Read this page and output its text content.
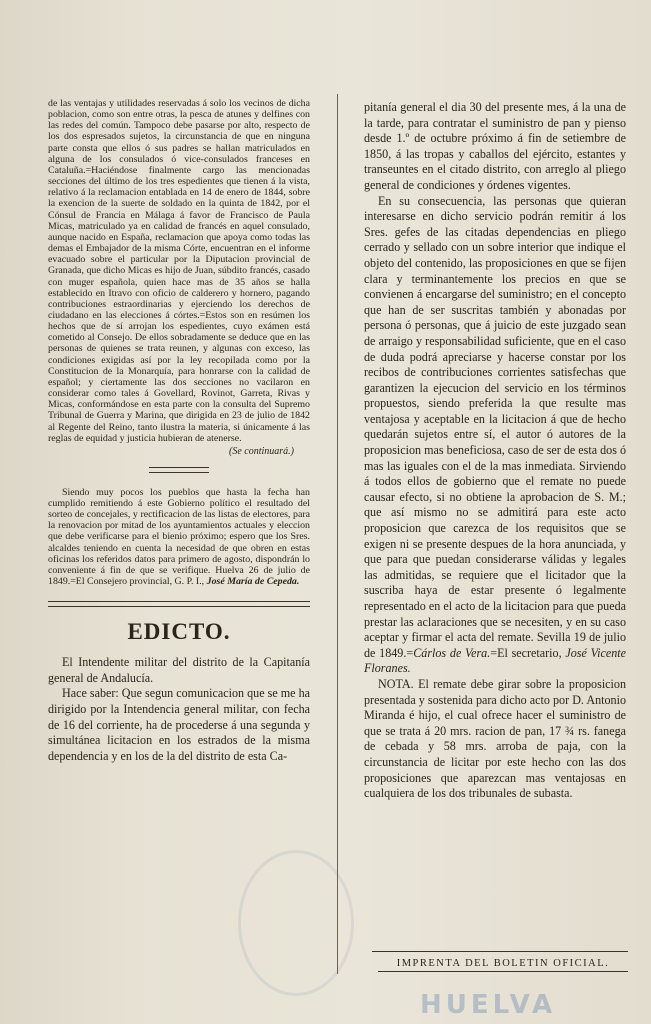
de las ventajas y utilidades reservadas á solo los vecinos de dicha poblacion, como son entre otras, la pesca de atunes y delfines con las redes del común. Tampoco debe pasarse por alto, respecto de los dos espresados sujetos, la circunstancia de que en ninguna parte consta que ellos ó sus padres se hallan matriculados en alguna de los consulados ó vice-consulados franceses en Cataluña.=Haciéndose finalmente cargo las mencionadas secciones del último de los tres espedientes que tienen á la vista, relativo á la reclamacion entablada en 14 de enero de 1844, sobre la exencion de la suerte de soldado en la quinta de 1842, por el Cónsul de Francia en Málaga á favor de Francisco de Paula Micas, matriculado ya en calidad de francés en aquel consulado, aunque nacido en España, reclamacion que apoya como todas las demas el Embajador de la misma Córte, encuentran en el informe evacuado sobre el particular por la Diputacion provincial de Granada, que dicho Micas es hijo de Juan, súbdito francés, casado con muger española, quien hace mas de 35 años se halla establecido en Itravo con oficio de calderero y hornero, pagando contribuciones estraordinarias y ejerciendo los derechos de ciudadano en las elecciones á córtes.=Estos son en resúmen los hechos que de sí arrojan los espedientes, cuyo exámen está cometido al Consejo. De ellos sobradamente se deduce que en las personas de quienes se trata reunen, y algunas con exceso, las condiciones exigidas así por la ley recopilada como por la Constitucion de la Monarquía, para honrarse con la calidad de español; y ciertamente las dos secciones no vacilaron en considerar como tales á Govellard, Rovinot, Garreta, Rivas y Micas, conformándose en esta parte con la consulta del Supremo Tribunal de Guerra y Marina, que dirigida en 23 de julio de 1842 al Regente del Reino, tanto ilustra la materia, si únicamente á las reglas de equidad y justicia hubieran de atenerse.

(Se continuará.)

Siendo muy pocos los pueblos que hasta la fecha han cumplido remitiendo á este Gobierno político el resultado del sorteo de concejales, y rectificacion de las listas de electores, para la renovacion por mitad de los ayuntamientos actuales y eleccion que debe verificarse para el bienio próximo; espero que los Sres. alcaldes teniendo en cuenta la necesidad de que obren en estas oficinas los referidos datos para primero de agosto, dispondrán lo conveniente á fin de que se verifique. Huelva 26 de julio de 1849.=El Consejero provincial, G. P. I., José María de Cepeda.

EDICTO.

El Intendente militar del distrito de la Capitanía general de Andalucía.

Hace saber: Que segun comunicacion que se me ha dirigido por la Intendencia general militar, con fecha de 16 del corriente, ha de procederse á una segunda y simultánea licitacion en los estrados de la misma dependencia y en los de la del distrito de esta Ca-

pitanía general el dia 30 del presente mes, á la una de la tarde, para contratar el suministro de pan y pienso desde 1.º de octubre próximo á fin de setiembre de 1850, á las tropas y caballos del ejército, estantes y transeuntes en el citado distrito, con arreglo al pliego general de condiciones y órdenes vigentes.

En su consecuencia, las personas que quieran interesarse en dicho servicio podrán remitir á los Sres. gefes de las citadas dependencias en pliego cerrado y sellado con un sobre interior que indique el objeto del contenido, las proposiciones en que se fijen clara y terminantemente los precios en que se convienen á encargarse del suministro; en el concepto que han de ser suscritas también y abonadas por persona ó personas, que á juicio de este juzgado sean de arraigo y responsabilidad suficiente, que en el caso de duda podrá apreciarse y hacerse constar por los recibos de contribuciones corrientes satisfechas que garantizen la ejecucion del servicio en los términos propuestos, siendo preferida la que resulte mas ventajosa y aceptable en la licitacion á que de hecho quedarán sujetos entre sí, el autor ó autores de la proposicion mas beneficiosa, caso de ser de esta dos ó mas las iguales con el de la mas inmediata. Sirviendo á todos ellos de gobierno que el remate no puede causar efecto, si no obtiene la aprobacion de S. M.; que así mismo no se admitirá para este acto proposicion que carezca de los requisitos que se exigen ni se presente despues de la hora anunciada, y que para que puedan considerarse válidas y legales las admitidas, se requiere que el licitador que la suscriba haya de estar presente ó legalmente representado en el acto de la licitacion para que pueda prestar las aclaraciones que se necesiten, y en su caso aceptar y firmar el acta del remate. Sevilla 19 de julio de 1849.=Cárlos de Vera.=El secretario, José Vicente Floranes.

NOTA. El remate debe girar sobre la proposicion presentada y sostenida para dicho acto por D. Antonio Miranda é hijo, el cual ofrece hacer el suministro de que se trata á 20 mrs. racion de pan, 17 ¾ rs. fanega de cebada y 58 mrs. arroba de paja, con la circunstancia de licitar por este hecho con las dos proposiciones que aparezcan mas ventajosas en cualquiera de los dos tribunales de subasta.

IMPRENTA DEL BOLETIN OFICIAL.
HUELVA
